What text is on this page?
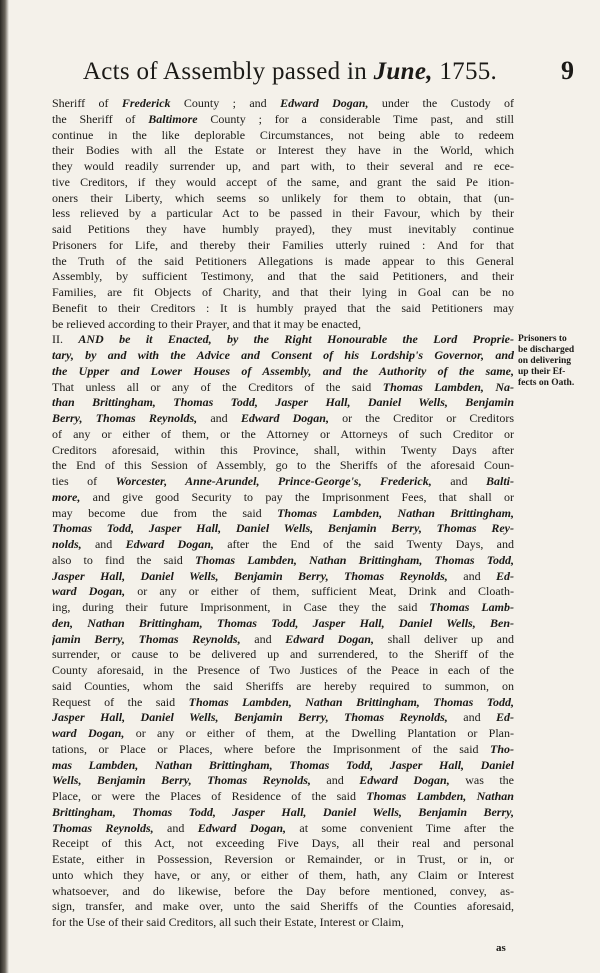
Acts of Assembly passed in June, 1755.	9
Sheriff of Frederick County ; and Edward Dogan, under the Custody of
the Sheriff of Baltimore County ; for a considerable Time past, and still
continue in the like deplorable Circumstances, not being able to redeem
their Bodies with all the Estate or Interest they have in the World, which
they would readily surrender up, and part with, to their several and re ece-
tive Creditors, if they would accept of the same, and grant the said Pe ition-
oners their Liberty, which seems so unlikely for them to obtain, that (un-
less relieved by a particular Act to be passed in their Favour, which by their
said Petitions they have humbly prayed), they must inevitably continue
Prisoners for Life, and thereby their Families utterly ruined : And for that
the Truth of the said Petitioners Allegations is made appear to this General
Assembly, by sufficient Testimony, and that the said Petitioners, and their
Families, are fit Objects of Charity, and that their lying in Goal can be no
Benefit to their Creditors : It is humbly prayed that the said Petitioners may
be relieved according to their Prayer, and that it may be enacted,
II. AND be it Enacted, by the Right Honourable the Lord Proprie-
tary, by and with the Advice and Consent of his Lordship's Governor, and
the Upper and Lower Houses of Assembly, and the Authority of the same,
That unless all or any of the Creditors of the said Thomas Lambden, Na-
than Brittingham, Thomas Todd, Jasper Hall, Daniel Wells, Benjamin
Berry, Thomas Reynolds, and Edward Dogan, or the Creditor or Creditors
of any or either of them, or the Attorney or Attorneys of such Creditor or
Creditors aforesaid, within this Province, shall, within Twenty Days after
the End of this Session of Assembly, go to the Sheriffs of the aforesaid Coun-
ties of Worcester, Anne-Arundel, Prince-George's, Frederick, and Balti-
more, and give good Security to pay the Imprisonment Fees, that shall or
may become due from the said Thomas Lambden, Nathan Brittingham,
Thomas Todd, Jasper Hall, Daniel Wells, Benjamin Berry, Thomas Rey-
nolds, and Edward Dogan, after the End of the said Twenty Days, and
also to find the said Thomas Lambden, Nathan Brittingham, Thomas Todd,
Jasper Hall, Daniel Wells, Benjamin Berry, Thomas Reynolds, and Ed-
ward Dogan, or any or either of them, sufficient Meat, Drink and Cloath-
ing, during their future Imprisonment, in Case they the said Thomas Lamb-
den, Nathan Brittingham, Thomas Todd, Jasper Hall, Daniel Wells, Ben-
jamin Berry, Thomas Reynolds, and Edward Dogan, shall deliver up and
surrender, or cause to be delivered up and surrendered, to the Sheriff of the
County aforesaid, in the Presence of Two Justices of the Peace in each of the
said Counties, whom the said Sheriffs are hereby required to summon, on
Request of the said Thomas Lambden, Nathan Brittingham, Thomas Todd,
Jasper Hall, Daniel Wells, Benjamin Berry, Thomas Reynolds, and Ed-
ward Dogan, or any or either of them, at the Dwelling Plantation or Plan-
tations, or Place or Places, where before the Imprisonment of the said Tho-
mas Lambden, Nathan Brittingham, Thomas Todd, Jasper Hall, Daniel
Wells, Benjamin Berry, Thomas Reynolds, and Edward Dogan, was the
Place, or were the Places of Residence of the said Thomas Lambden, Nathan
Brittingham, Thomas Todd, Jasper Hall, Daniel Wells, Benjamin Berry,
Thomas Reynolds, and Edward Dogan, at some convenient Time after the
Receipt of this Act, not exceeding Five Days, all their real and personal
Estate, either in Possession, Reversion or Remainder, or in Trust, or in, or
unto which they have, or any, or either of them, hath, any Claim or Interest
whatsoever, and do likewise, before the Day before mentioned, convey, as-
sign, transfer, and make over, unto the said Sheriffs of the Counties aforesaid,
for the Use of their said Creditors, all such their Estate, Interest or Claim,
Prisoners to
be discharged
on delivering
up their Ef-
fects on Oath.
as
